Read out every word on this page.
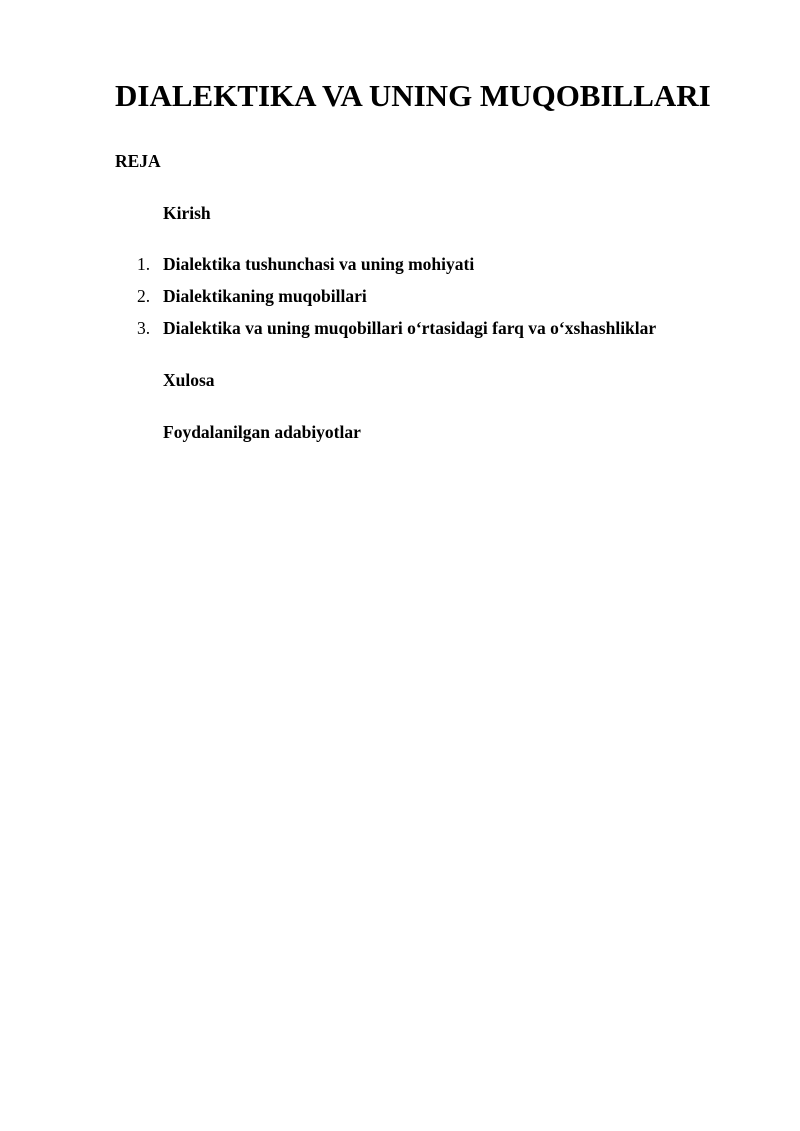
DIALEKTIKA VA UNING MUQOBILLARI

REJA

Kirish

1. Dialektika tushunchasi va uning mohiyati
2. Dialektikaning muqobillari
3. Dialektika va uning muqobillari o‘rtasidagi farq va o‘xshashliklar

Xulosa

Foydalanilgan adabiyotlar
